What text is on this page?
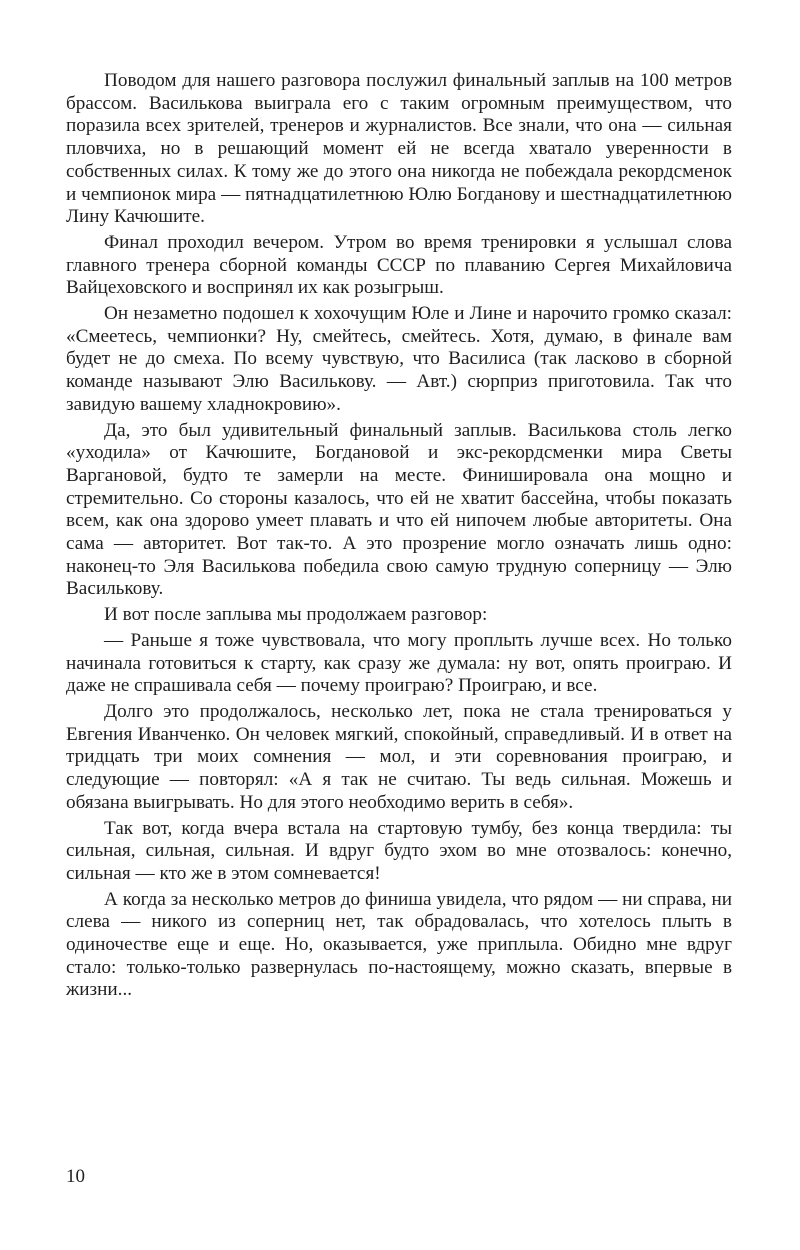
Поводом для нашего разговора послужил финальный заплыв на 100 метров брассом. Василькова выиграла его с таким огромным преимуществом, что поразила всех зрителей, тренеров и журналистов. Все знали, что она — сильная пловчиха, но в решающий момент ей не всегда хватало уверенности в собственных силах. К тому же до этого она никогда не побеждала рекордсменок и чемпионок мира — пятнадцатилетнюю Юлю Богданову и шестнадцатилетнюю Лину Качюшите.

Финал проходил вечером. Утром во время тренировки я услышал слова главного тренера сборной команды СССР по плаванию Сергея Михайловича Вайцеховского и воспринял их как розыгрыш.

Он незаметно подошел к хохочущим Юле и Лине и нарочито громко сказал: «Смеетесь, чемпионки? Ну, смейтесь, смейтесь. Хотя, думаю, в финале вам будет не до смеха. По всему чувствую, что Василиса (так ласково в сборной команде называют Элю Василькову. — Авт.) сюрприз приготовила. Так что завидую вашему хладнокровию».

Да, это был удивительный финальный заплыв. Василькова столь легко «уходила» от Качюшите, Богдановой и экс-рекордсменки мира Светы Варгановой, будто те замерли на месте. Финишировала она мощно и стремительно. Со стороны казалось, что ей не хватит бассейна, чтобы показать всем, как она здорово умеет плавать и что ей нипочем любые авторитеты. Она сама — авторитет. Вот так-то. А это прозрение могло означать лишь одно: наконец-то Эля Василькова победила свою самую трудную соперницу — Элю Василькову.

И вот после заплыва мы продолжаем разговор:

— Раньше я тоже чувствовала, что могу проплыть лучше всех. Но только начинала готовиться к старту, как сразу же думала: ну вот, опять проиграю. И даже не спрашивала себя — почему проиграю? Проиграю, и все.

Долго это продолжалось, несколько лет, пока не стала тренироваться у Евгения Иванченко. Он человек мягкий, спокойный, справедливый. И в ответ на тридцать три моих сомнения — мол, и эти соревнования проиграю, и следующие — повторял: «А я так не считаю. Ты ведь сильная. Можешь и обязана выигрывать. Но для этого необходимо верить в себя».

Так вот, когда вчера встала на стартовую тумбу, без конца твердила: ты сильная, сильная, сильная. И вдруг будто эхом во мне отозвалось: конечно, сильная — кто же в этом сомневается!

А когда за несколько метров до финиша увидела, что рядом — ни справа, ни слева — никого из соперниц нет, так обрадовалась, что хотелось плыть в одиночестве еще и еще. Но, оказывается, уже приплыла. Обидно мне вдруг стало: только-только развернулась по-настоящему, можно сказать, впервые в жизни...

10
